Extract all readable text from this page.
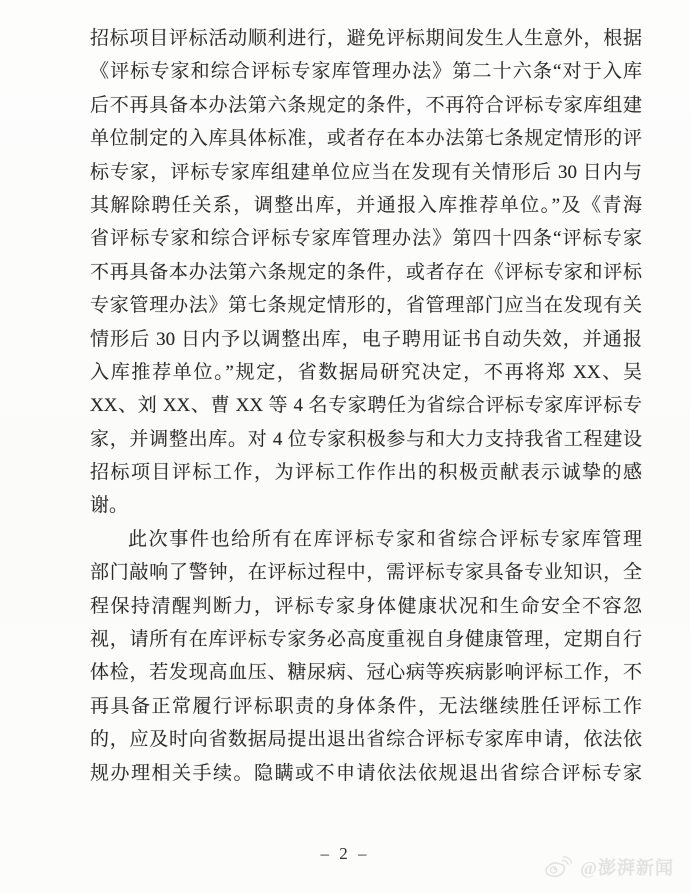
招标项目评标活动顺利进行，避免评标期间发生人生意外，根据
《评标专家和综合评标专家库管理办法》第二十六条“对于入库
后不再具备本办法第六条规定的条件，不再符合评标专家库组建
单位制定的入库具体标准，或者存在本办法第七条规定情形的评
标专家，评标专家库组建单位应当在发现有关情形后 30 日内与
其解除聘任关系，调整出库，并通报入库推荐单位。”及《青海
省评标专家和综合评标专家库管理办法》第四十四条“评标专家
不再具备本办法第六条规定的条件，或者存在《评标专家和评标
专家管理办法》第七条规定情形的，省管理部门应当在发现有关
情形后 30 日内予以调整出库，电子聘用证书自动失效，并通报
入库推荐单位。”规定，省数据局研究决定，不再将郑 XX、吴
XX、刘 XX、曹 XX 等 4 名专家聘任为省综合评标专家库评标专
家，并调整出库。对 4 位专家积极参与和大力支持我省工程建设
招标项目评标工作，为评标工作作出的积极贡献表示诚挚的感
谢。
此次事件也给所有在库评标专家和省综合评标专家库管理
部门敲响了警钟，在评标过程中，需评标专家具备专业知识，全
程保持清醒判断力，评标专家身体健康状况和生命安全不容忽
视，请所有在库评标专家务必高度重视自身健康管理，定期自行
体检，若发现高血压、糖尿病、冠心病等疾病影响评标工作，不
再具备正常履行评标职责的身体条件，无法继续胜任评标工作
的，应及时向省数据局提出退出省综合评标专家库申请，依法依
规办理相关手续。隐瞒或不申请依法依规退出省综合评标专家
– 2 –
@澎湃新闻
